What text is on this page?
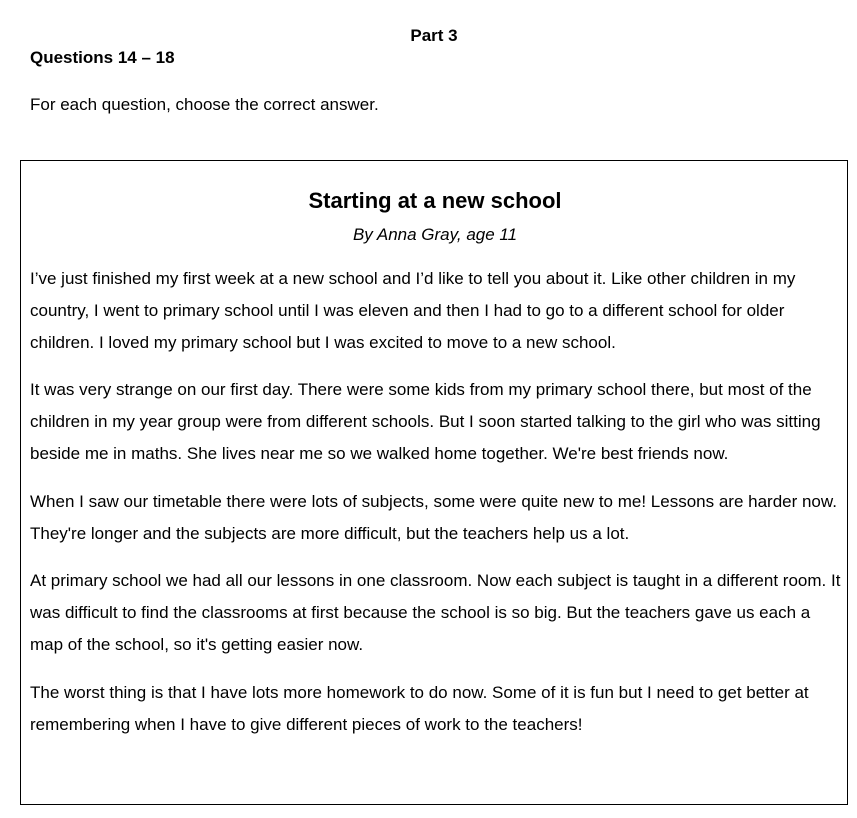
Part 3
Questions 14 – 18
For each question, choose the correct answer.
Starting at a new school
By Anna Gray, age 11

I’ve just finished my first week at a new school and I’d like to tell you about it. Like other children in my country, I went to primary school until I was eleven and then I had to go to a different school for older children. I loved my primary school but I was excited to move to a new school.

It was very strange on our first day. There were some kids from my primary school there, but most of the children in my year group were from different schools. But I soon started talking to the girl who was sitting beside me in maths. She lives near me so we walked home together. We're best friends now.

When I saw our timetable there were lots of subjects, some were quite new to me! Lessons are harder now. They're longer and the subjects are more difficult, but the teachers help us a lot.

At primary school we had all our lessons in one classroom. Now each subject is taught in a different room. It was difficult to find the classrooms at first because the school is so big. But the teachers gave us each a map of the school, so it's getting easier now.

The worst thing is that I have lots more homework to do now. Some of it is fun but I need to get better at remembering when I have to give different pieces of work to the teachers!
